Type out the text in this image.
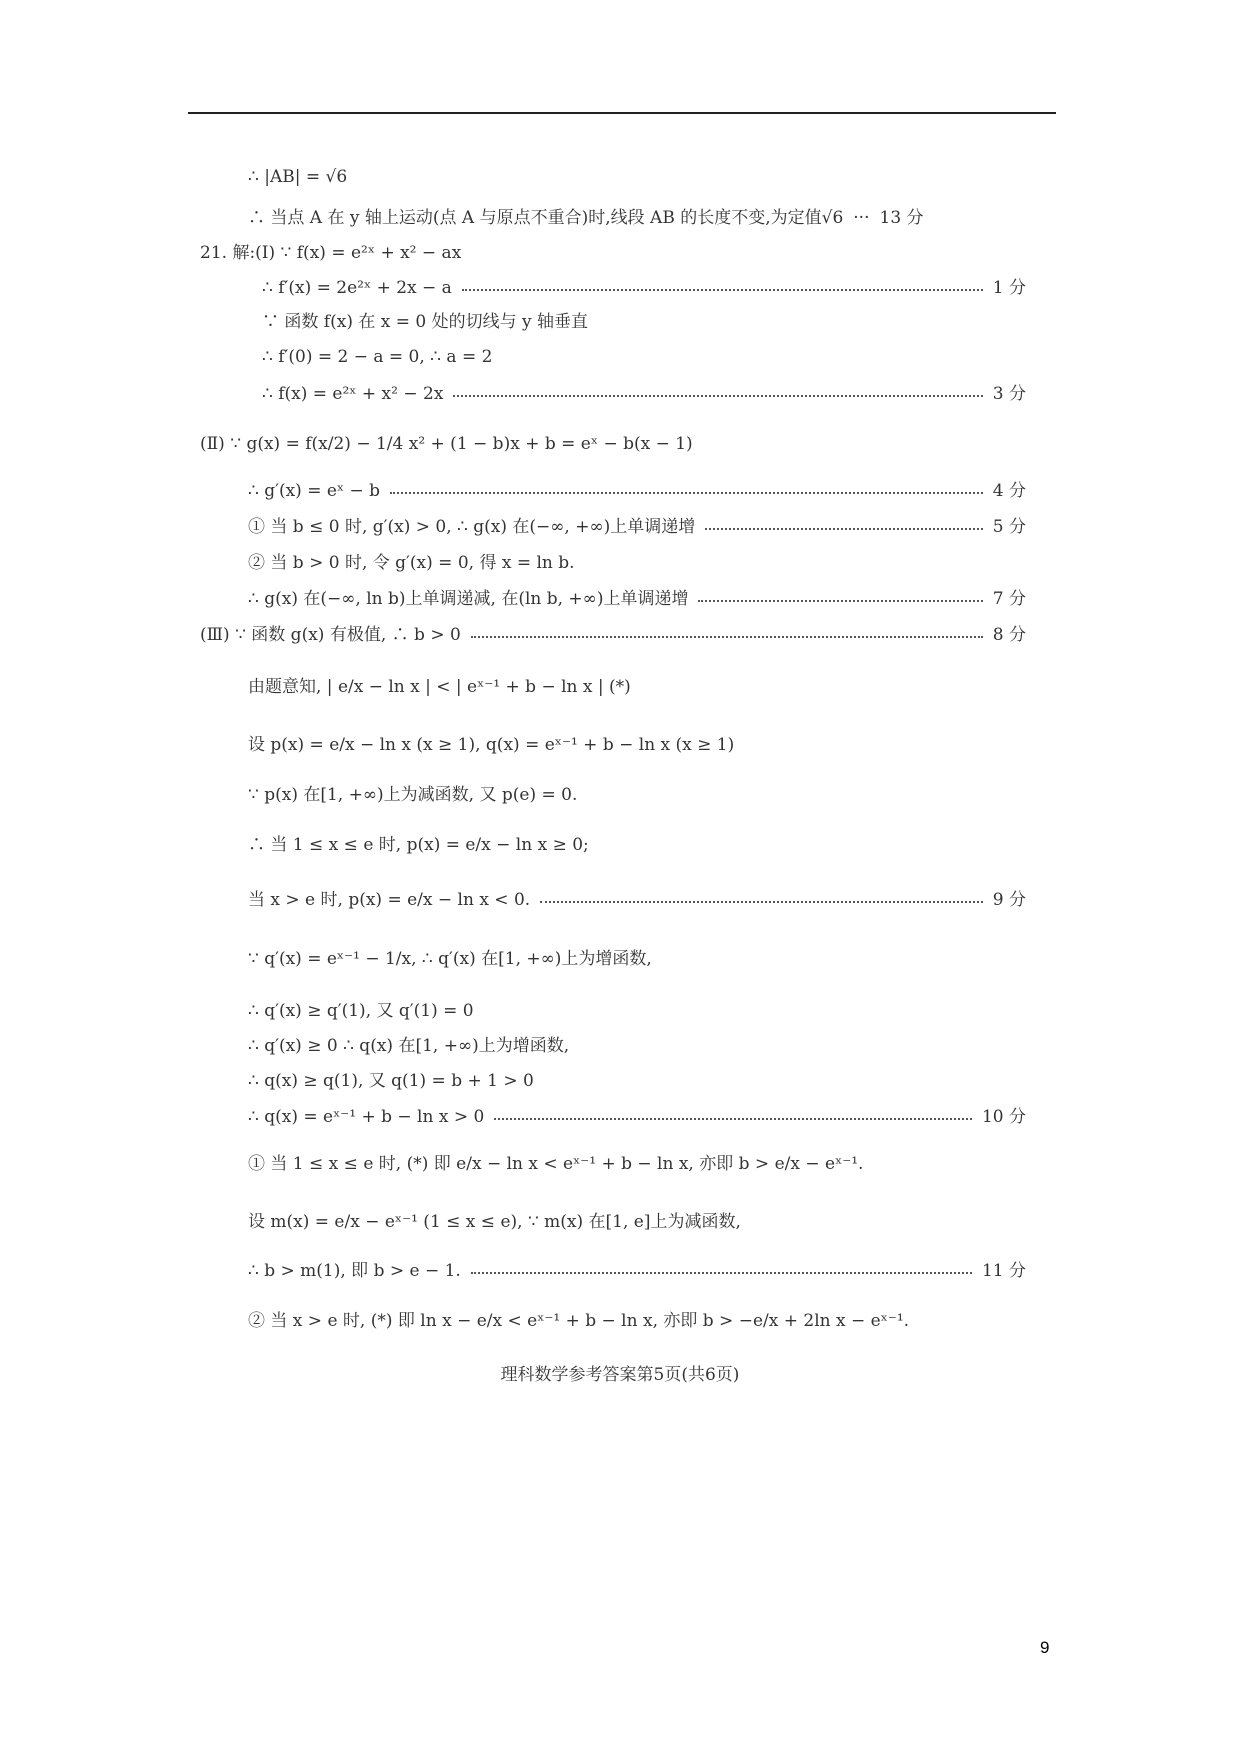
∴ |AB| = √6
∴ 当点 A 在 y 轴上运动(点 A 与原点不重合)时,线段 AB 的长度不变,为定值√6 ··· 13 分
21. 解:(Ⅰ) ∵ f(x) = e²ˣ + x² − ax
∴ f′(x) = 2e²ˣ + 2x − a	1 分
∵ 函数 f(x) 在 x = 0 处的切线与 y 轴垂直
∴ f′(0) = 2 − a = 0, ∴ a = 2
∴ f(x) = e²ˣ + x² − 2x	3 分
(Ⅱ) ∵ g(x) = f(x/2) − 1/4 x² + (1 − b)x + b = eˣ − b(x − 1)
∴ g′(x) = eˣ − b	4 分
① 当 b ≤ 0 时, g′(x) > 0, ∴ g(x) 在(−∞, +∞)上单调递增	5 分
② 当 b > 0 时, 令 g′(x) = 0, 得 x = ln b.
∴ g(x) 在(−∞, ln b)上单调递减, 在(ln b, +∞)上单调递增	7 分
(Ⅲ) ∵ 函数 g(x) 有极值, ∴ b > 0	8 分
由题意知, | e/x − ln x | < | eˣ⁻¹ + b − ln x | (*)
设 p(x) = e/x − ln x (x ≥ 1), q(x) = eˣ⁻¹ + b − ln x (x ≥ 1)
∵ p(x) 在[1, +∞)上为减函数, 又 p(e) = 0.
∴ 当 1 ≤ x ≤ e 时, p(x) = e/x − ln x ≥ 0;
当 x > e 时, p(x) = e/x − ln x < 0.	9 分
∵ q′(x) = eˣ⁻¹ − 1/x, ∴ q′(x) 在[1, +∞)上为增函数,
∴ q′(x) ≥ q′(1), 又 q′(1) = 0
∴ q′(x) ≥ 0 ∴ q(x) 在[1, +∞)上为增函数,
∴ q(x) ≥ q(1), 又 q(1) = b + 1 > 0
∴ q(x) = eˣ⁻¹ + b − ln x > 0	10 分
① 当 1 ≤ x ≤ e 时, (*) 即 e/x − ln x < eˣ⁻¹ + b − ln x, 亦即 b > e/x − eˣ⁻¹.
设 m(x) = e/x − eˣ⁻¹ (1 ≤ x ≤ e), ∵ m(x) 在[1, e]上为减函数,
∴ b > m(1), 即 b > e − 1.	11 分
② 当 x > e 时, (*) 即 ln x − e/x < eˣ⁻¹ + b − ln x, 亦即 b > −e/x + 2ln x − eˣ⁻¹.
理科数学参考答案第5页(共6页)
9
